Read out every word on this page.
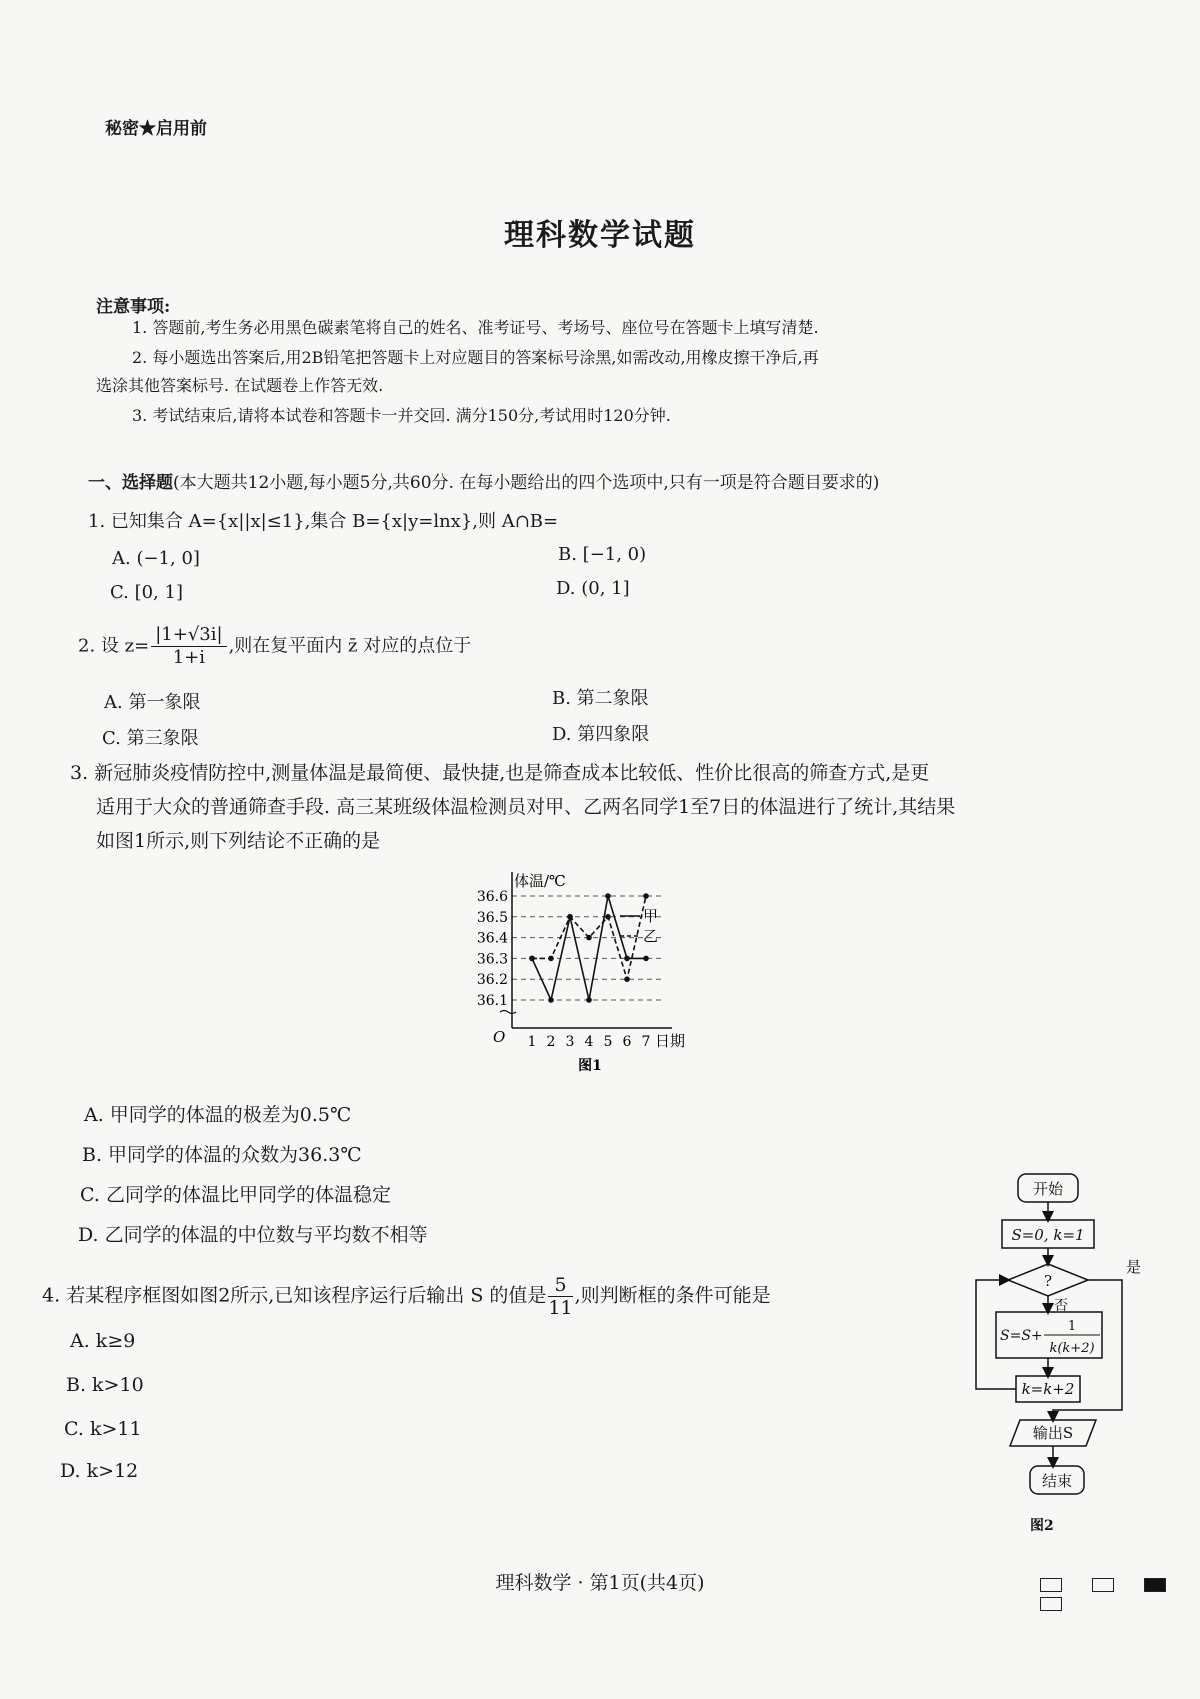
秘密★启用前
理科数学试题
注意事项:
1. 答题前,考生务必用黑色碳素笔将自己的姓名、准考证号、考场号、座位号在答题卡上填写清楚.
2. 每小题选出答案后,用2B铅笔把答题卡上对应题目的答案标号涂黑,如需改动,用橡皮擦干净后,再
选涂其他答案标号. 在试题卷上作答无效.
3. 考试结束后,请将本试卷和答题卡一并交回. 满分150分,考试用时120分钟.
一、选择题(本大题共12小题,每小题5分,共60分. 在每小题给出的四个选项中,只有一项是符合题目要求的)
1. 已知集合 A={x||x|≤1},集合 B={x|y=lnx},则 A∩B=
A. (−1, 0]	B. [−1, 0)
C. [0, 1]	D. (0, 1]
2. 设 $z= \frac{|1+√3i|}{1+i}$ ,则在复平面内 z̄ 对应的点位于
A. 第一象限	B. 第二象限
C. 第三象限	D. 第四象限
3. 新冠肺炎疫情防控中,测量体温是最简便、最快捷,也是筛查成本比较低、性价比很高的筛查方式,是更
适用于大众的普通筛查手段. 高三某班级体温检测员对甲、乙两名同学1至7日的体温进行了统计,其结果
如图1所示,则下列结论不正确的是
体温/℃
日期
O
36.1
36.2
36.3
36.4
36.5
36.6
1 2 3 4 5 6 7
甲
乙
图1
A. 甲同学的体温的极差为0.5℃
B. 甲同学的体温的众数为36.3℃
C. 乙同学的体温比甲同学的体温稳定
D. 乙同学的体温的中位数与平均数不相等
4. 若某程序框图如图2所示,已知该程序运行后输出 S 的值是 $\frac{5}{11}$ ,则判断框的条件可能是
A. k≥9
B. k>10
C. k>11
D. k>12
开始
S=0, k=1
?
是
否
S=S+
1
k(k+2)
k=k+2
输出S
结束
图2
理科数学 · 第1页(共4页)
